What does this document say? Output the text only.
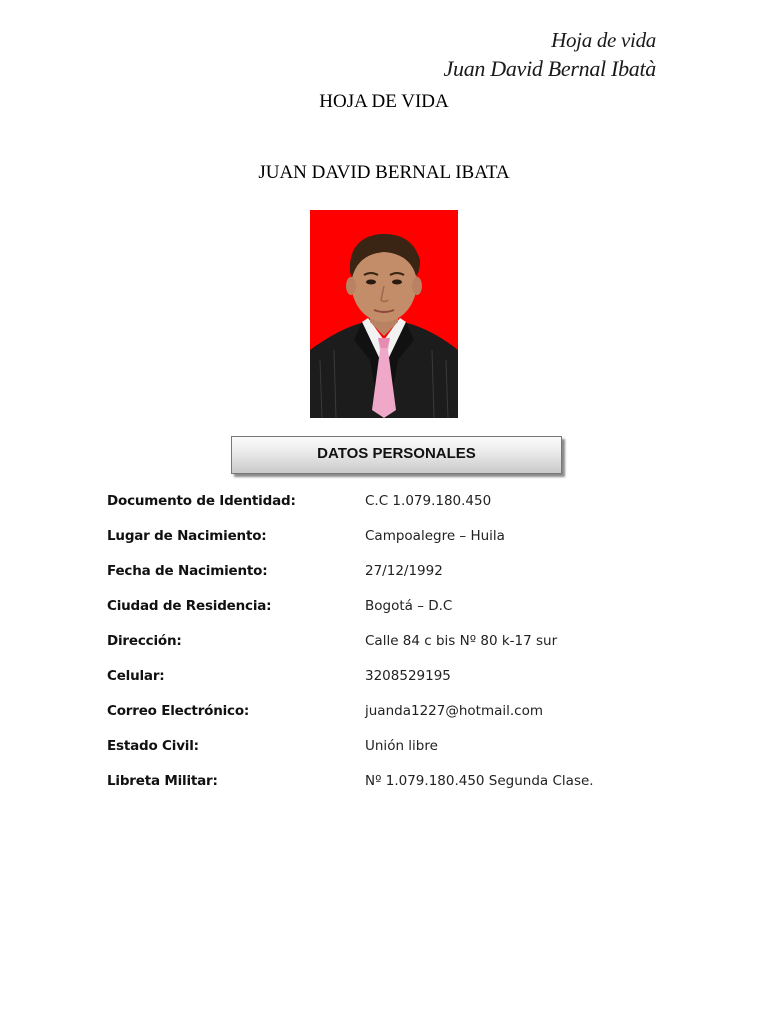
Hoja de vida
Juan David Bernal Ibatà
HOJA DE VIDA
JUAN DAVID BERNAL IBATA
DATOS PERSONALES
Documento de Identidad:	C.C 1.079.180.450
Lugar de Nacimiento:	Campoalegre – Huila
Fecha de Nacimiento:	27/12/1992
Ciudad de Residencia:	Bogotá – D.C
Dirección:	Calle 84 c bis Nº 80 k-17 sur
Celular:	3208529195
Correo Electrónico:	juanda1227@hotmail.com
Estado Civil:	Unión libre
Libreta Militar:	Nº 1.079.180.450 Segunda Clase.
